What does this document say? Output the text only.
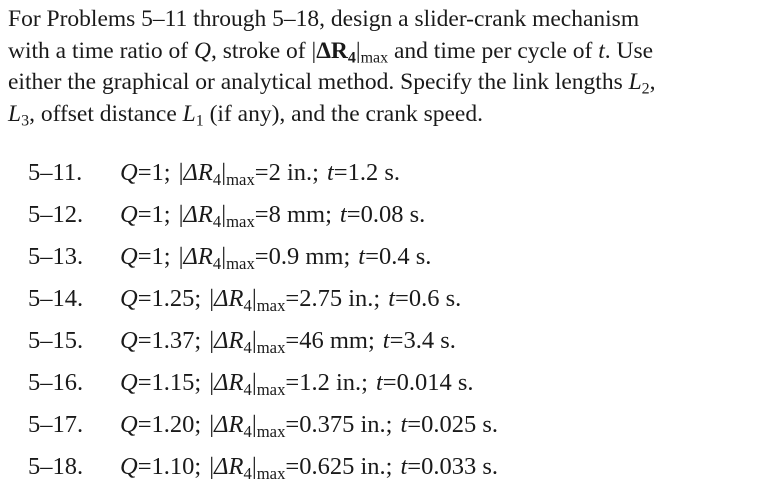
For Problems 5–11 through 5–18, design a slider-crank mechanism
with a time ratio of Q, stroke of $|\Delta R_4|_{max}$ and time per cycle of t. Use
either the graphical or analytical method. Specify the link lengths $L_2$,
$L_3$, offset distance $L_1$ (if any), and the crank speed.
5–11. Q=1; |ΔR4|max=2 in.; t=1.2 s.
5–12. Q=1; |ΔR4|max=8 mm; t=0.08 s.
5–13. Q=1; |ΔR4|max=0.9 mm; t=0.4 s.
5–14. Q=1.25; |ΔR4|max=2.75 in.; t=0.6 s.
5–15. Q=1.37; |ΔR4|max=46 mm; t=3.4 s.
5–16. Q=1.15; |ΔR4|max=1.2 in.; t=0.014 s.
5–17. Q=1.20; |ΔR4|max=0.375 in.; t=0.025 s.
5–18. Q=1.10; |ΔR4|max=0.625 in.; t=0.033 s.
